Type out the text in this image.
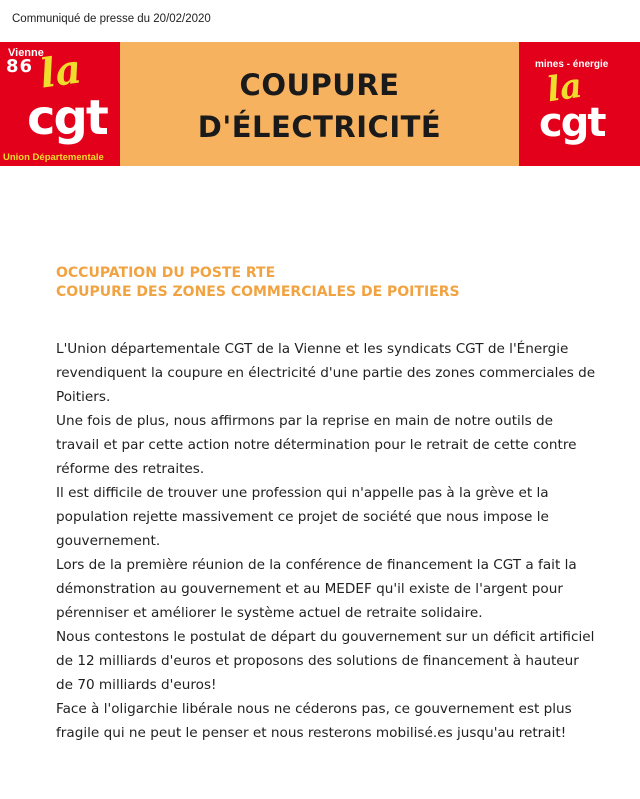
Communiqué de presse du 20/02/2020
Vienne
86 la
cgt
Union Départementale
COUPURE
D'ÉLECTRICITÉ
mines - énergie
la
cgt
OCCUPATION DU POSTE RTE
COUPURE DES ZONES COMMERCIALES DE POITIERS

L'Union départementale CGT de la Vienne et les syndicats CGT de l'Énergie revendiquent la coupure en électricité d'une partie des zones commerciales de Poitiers.

Une fois de plus, nous affirmons par la reprise en main de notre outils de travail et par cette action notre détermination pour le retrait de cette contre réforme des retraites.

Il est difficile de trouver une profession qui n'appelle pas à la grève et la population rejette massivement ce projet de société que nous impose le gouvernement.

Lors de la première réunion de la conférence de financement la CGT a fait la démonstration au gouvernement et au MEDEF qu'il existe de l'argent pour pérenniser et améliorer le système actuel de retraite solidaire.

Nous contestons le postulat de départ du gouvernement sur un déficit artificiel de 12 milliards d'euros et proposons des solutions de financement à hauteur de 70 milliards d'euros!

Face à l'oligarchie libérale nous ne céderons pas, ce gouvernement est plus fragile qui ne peut le penser et nous resterons mobilisé.es jusqu'au retrait!
